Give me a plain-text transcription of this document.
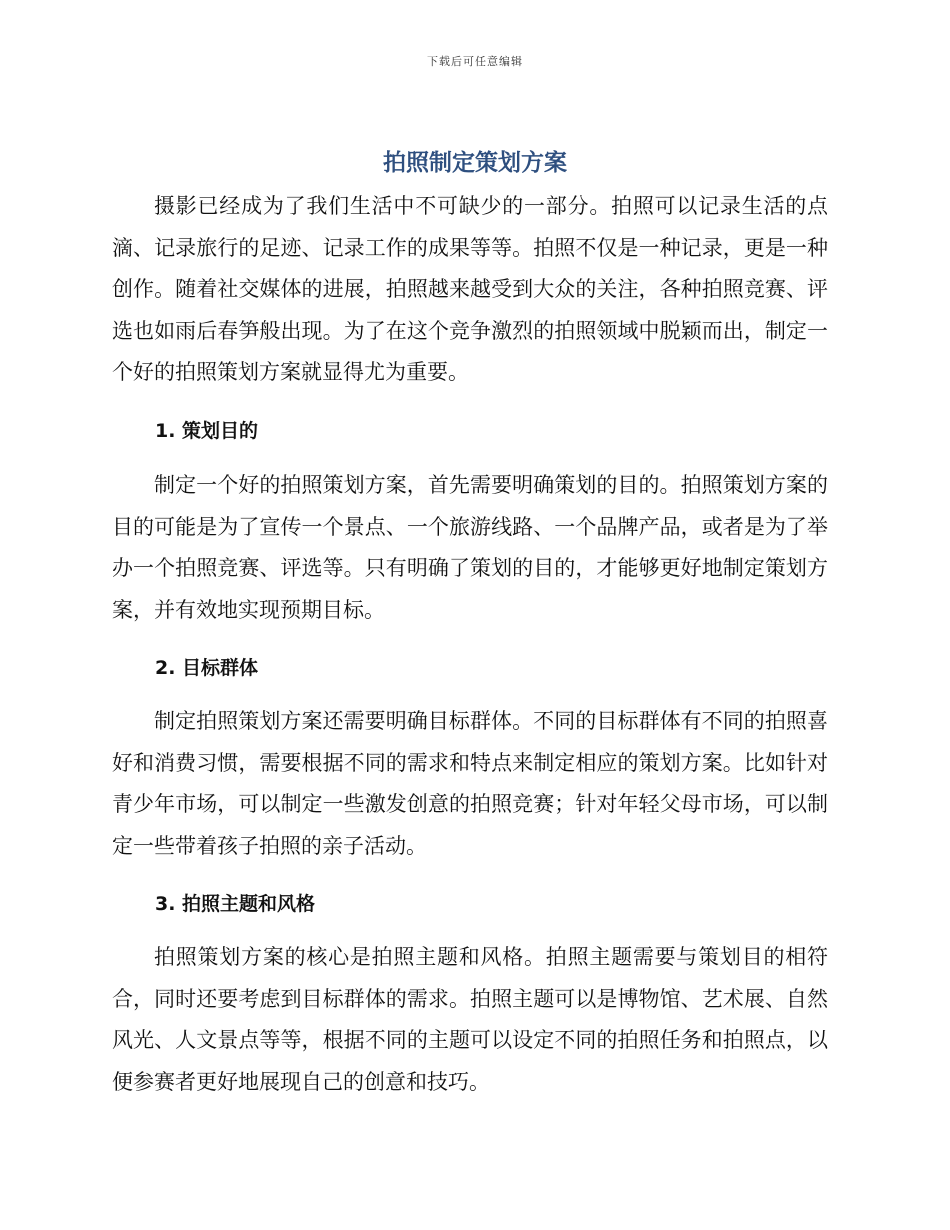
下载后可任意编辑
拍照制定策划方案

摄影已经成为了我们生活中不可缺少的一部分。拍照可以记录生活的点滴、记录旅行的足迹、记录工作的成果等等。拍照不仅是一种记录，更是一种创作。随着社交媒体的进展，拍照越来越受到大众的关注，各种拍照竞赛、评选也如雨后春笋般出现。为了在这个竞争激烈的拍照领域中脱颖而出，制定一个好的拍照策划方案就显得尤为重要。

1. 策划目的

制定一个好的拍照策划方案，首先需要明确策划的目的。拍照策划方案的目的可能是为了宣传一个景点、一个旅游线路、一个品牌产品，或者是为了举办一个拍照竞赛、评选等。只有明确了策划的目的，才能够更好地制定策划方案，并有效地实现预期目标。

2. 目标群体

制定拍照策划方案还需要明确目标群体。不同的目标群体有不同的拍照喜好和消费习惯，需要根据不同的需求和特点来制定相应的策划方案。比如针对青少年市场，可以制定一些激发创意的拍照竞赛；针对年轻父母市场，可以制定一些带着孩子拍照的亲子活动。

3. 拍照主题和风格

拍照策划方案的核心是拍照主题和风格。拍照主题需要与策划目的相符合，同时还要考虑到目标群体的需求。拍照主题可以是博物馆、艺术展、自然风光、人文景点等等，根据不同的主题可以设定不同的拍照任务和拍照点，以便参赛者更好地展现自己的创意和技巧。
